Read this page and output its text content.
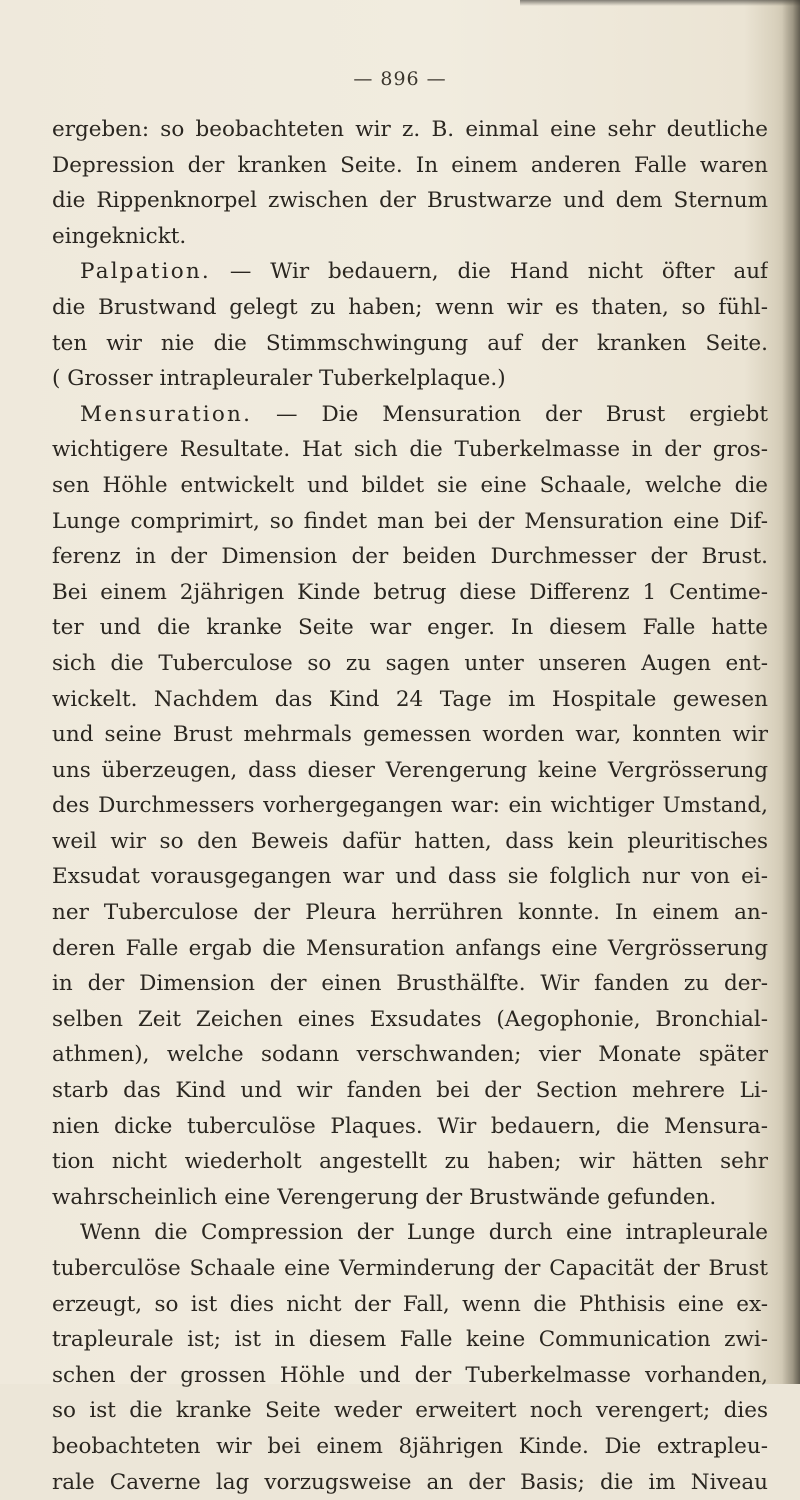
— 896 —
ergeben: so beobachteten wir z. B. einmal eine sehr deutliche
Depression der kranken Seite. In einem anderen Falle waren
die Rippenknorpel zwischen der Brustwarze und dem Sternum
eingeknickt.
Palpation. — Wir bedauern, die Hand nicht öfter auf
die Brustwand gelegt zu haben; wenn wir es thaten, so fühl-
ten wir nie die Stimmschwingung auf der kranken Seite.
( Grosser intrapleuraler Tuberkelplaque.)
Mensuration. — Die Mensuration der Brust ergiebt
wichtigere Resultate. Hat sich die Tuberkelmasse in der gros-
sen Höhle entwickelt und bildet sie eine Schaale, welche die
Lunge comprimirt, so findet man bei der Mensuration eine Dif-
ferenz in der Dimension der beiden Durchmesser der Brust.
Bei einem 2jährigen Kinde betrug diese Differenz 1 Centime-
ter und die kranke Seite war enger. In diesem Falle hatte
sich die Tuberculose so zu sagen unter unseren Augen ent-
wickelt. Nachdem das Kind 24 Tage im Hospitale gewesen
und seine Brust mehrmals gemessen worden war, konnten wir
uns überzeugen, dass dieser Verengerung keine Vergrösserung
des Durchmessers vorhergegangen war: ein wichtiger Umstand,
weil wir so den Beweis dafür hatten, dass kein pleuritisches
Exsudat vorausgegangen war und dass sie folglich nur von ei-
ner Tuberculose der Pleura herrühren konnte. In einem an-
deren Falle ergab die Mensuration anfangs eine Vergrösserung
in der Dimension der einen Brusthälfte. Wir fanden zu der-
selben Zeit Zeichen eines Exsudates (Aegophonie, Bronchial-
athmen), welche sodann verschwanden; vier Monate später
starb das Kind und wir fanden bei der Section mehrere Li-
nien dicke tuberculöse Plaques. Wir bedauern, die Mensura-
tion nicht wiederholt angestellt zu haben; wir hätten sehr
wahrscheinlich eine Verengerung der Brustwände gefunden.
Wenn die Compression der Lunge durch eine intrapleurale
tuberculöse Schaale eine Verminderung der Capacität der Brust
erzeugt, so ist dies nicht der Fall, wenn die Phthisis eine ex-
trapleurale ist; ist in diesem Falle keine Communication zwi-
schen der grossen Höhle und der Tuberkelmasse vorhanden,
so ist die kranke Seite weder erweitert noch verengert; dies
beobachteten wir bei einem 8jährigen Kinde. Die extrapleu-
rale Caverne lag vorzugsweise an der Basis; die im Niveau
